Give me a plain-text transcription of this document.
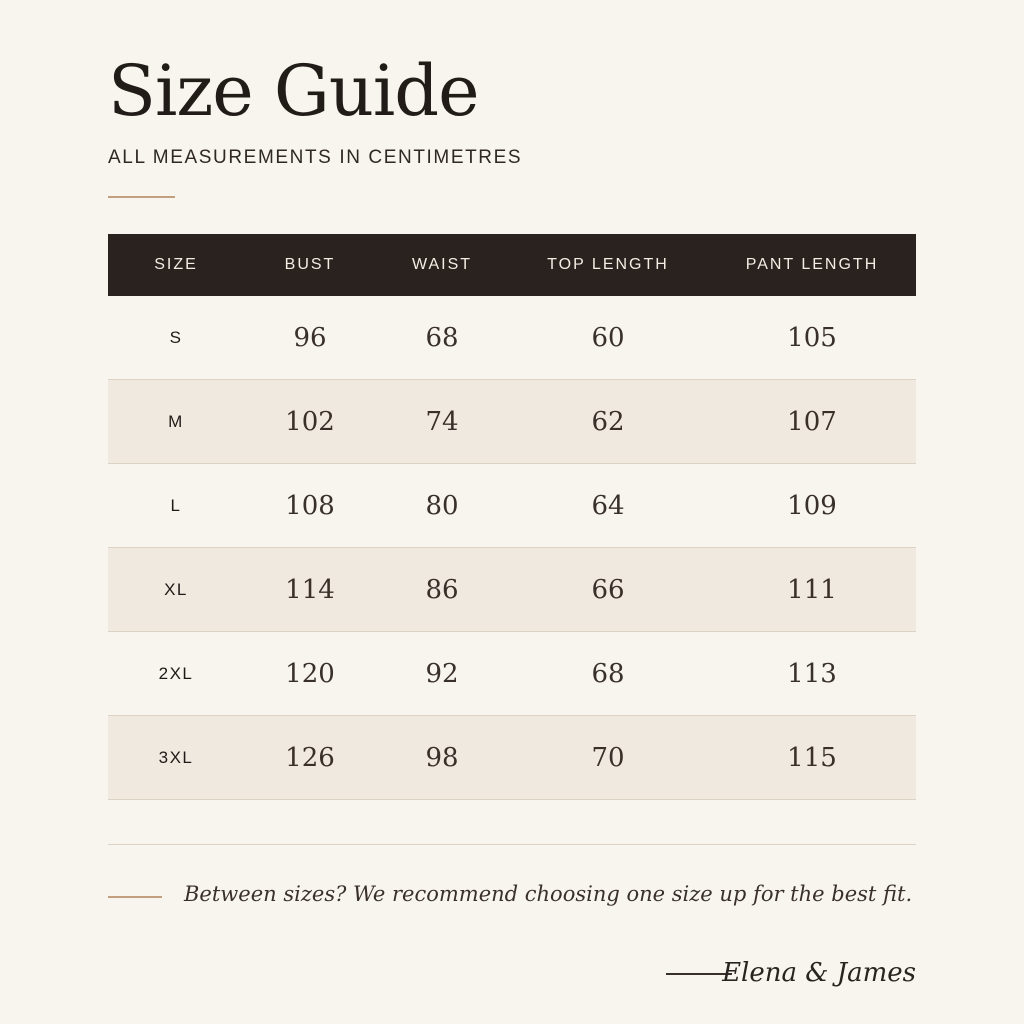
Size Guide
ALL MEASUREMENTS IN CENTIMETRES
SIZE	BUST	WAIST	TOP LENGTH	PANT LENGTH
S	96	68	60	105
M	102	74	62	107
L	108	80	64	109
XL	114	86	66	111
2XL	120	92	68	113
3XL	126	98	70	115
Between sizes? We recommend choosing one size up for the best fit.
Elena & James
